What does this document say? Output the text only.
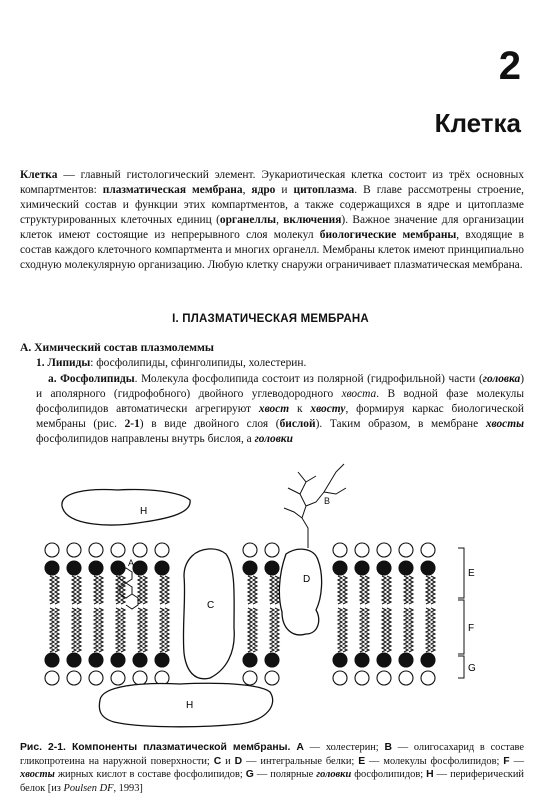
2
Клетка

Клетка — главный гистологический элемент. Эукариотическая клетка состоит из трёх основных компартментов: плазматическая мембрана, ядро и цитоплазма. В главе рассмотрены строение, химический состав и функции этих компартментов, а также содержащихся в ядре и цитоплазме структурированных клеточных единиц (органеллы, включения). Важное значение для организации клеток имеют состоящие из непрерывного слоя молекул биологические мембраны, входящие в состав каждого клеточного компартмента и многих органелл. Мембраны клеток имеют принципиально сходную молекулярную организацию. Любую клетку снаружи ограничивает плазматическая мембрана.

I. ПЛАЗМАТИЧЕСКАЯ МЕМБРАНА
А. Химический состав плазмолеммы
1. Липиды: фосфолипиды, сфинголипиды, холестерин.

а. Фосфолипиды. Молекула фосфолипида состоит из полярной (гидрофильной) части (головка) и аполярного (гидрофобного) двойного углеводородного хвоста. В водной фазе молекулы фосфолипидов автоматически агрегируют хвост к хвосту, формируя каркас биологической мембраны (рис. 2-1) в виде двойного слоя (бислой). Таким образом, в мембране хвосты фосфолипидов направлены внутрь бислоя, а головки

H
C
D
B
H
A
E
F
G

Рис. 2-1. Компоненты плазматической мембраны. А — холестерин; В — олигосахарид в составе гликопротеина на наружной поверхности; С и D — интегральные белки; Е — молекулы фосфолипидов; F — хвосты жирных кислот в составе фосфолипидов; G — полярные головки фосфолипидов; Н — периферический белок [из Poulsen DF, 1993]
